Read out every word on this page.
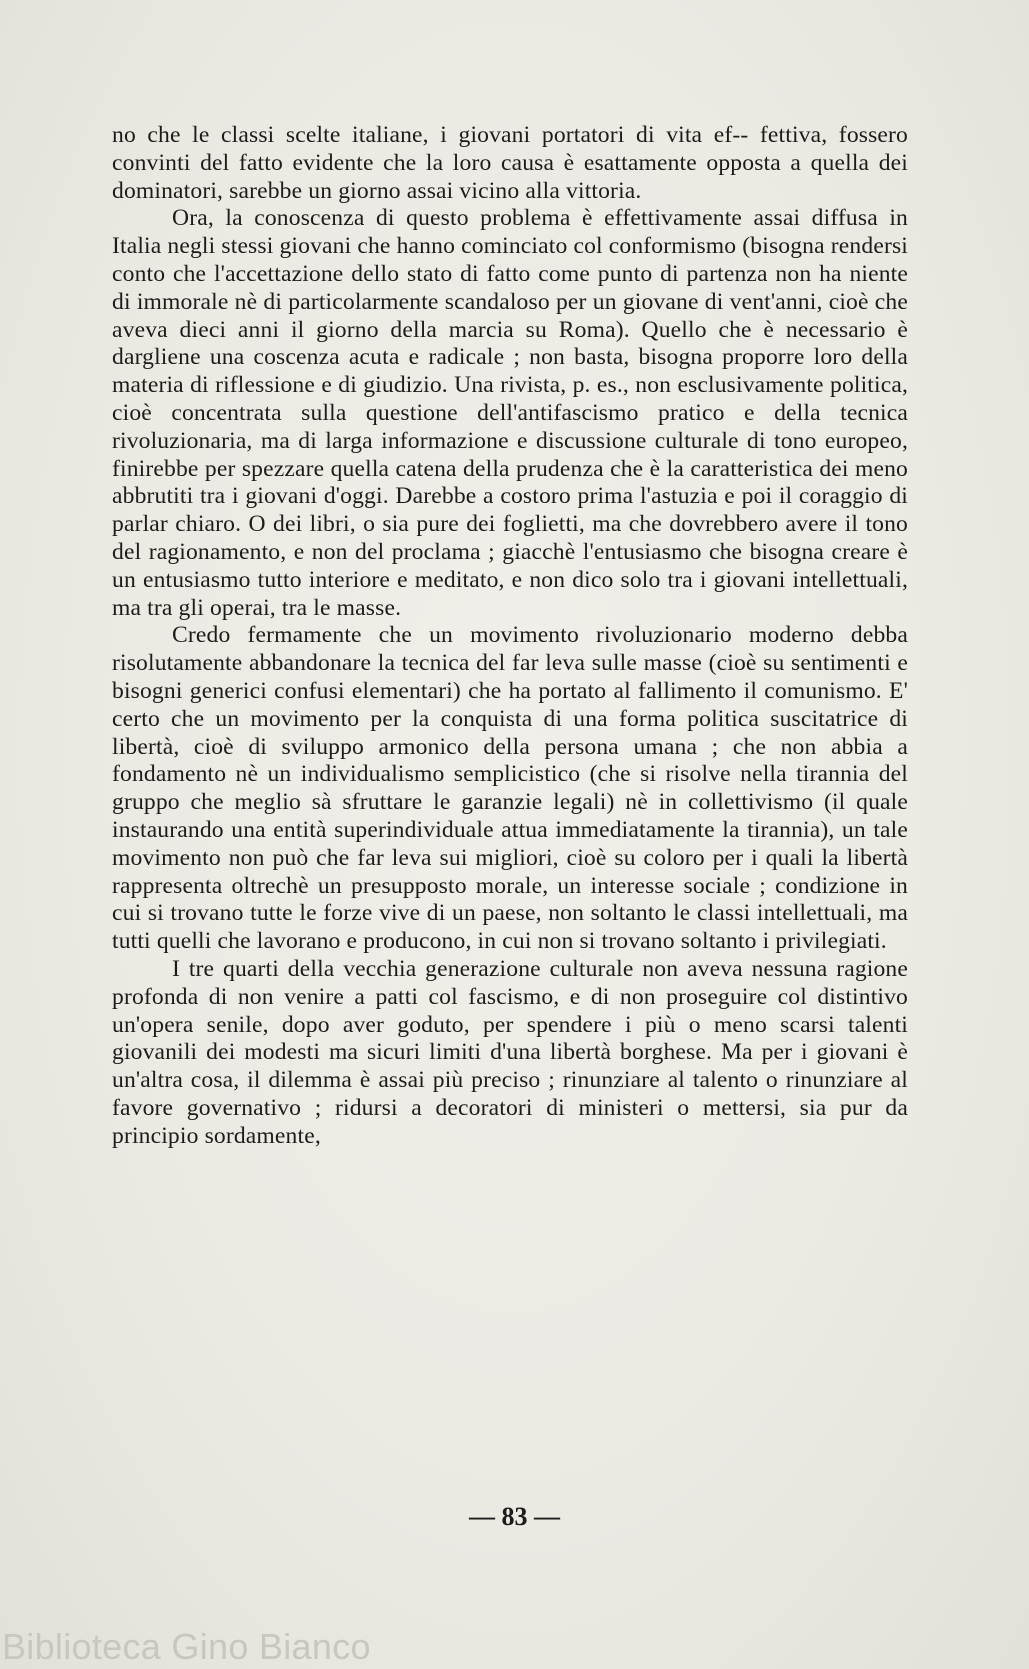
no che le classi scelte italiane, i giovani portatori di vita ef-- fettiva, fossero convinti del fatto evidente che la loro causa è esattamente opposta a quella dei dominatori, sarebbe un giorno assai vicino alla vittoria.

Ora, la conoscenza di questo problema è effettivamente assai diffusa in Italia negli stessi giovani che hanno cominciato col conformismo (bisogna rendersi conto che l'accettazione dello stato di fatto come punto di partenza non ha niente di immorale nè di particolarmente scandaloso per un giovane di vent'anni, cioè che aveva dieci anni il giorno della marcia su Roma). Quello che è necessario è dargliene una coscenza acuta e radicale ; non basta, bisogna proporre loro della materia di riflessione e di giudizio. Una rivista, p. es., non esclusivamente politica, cioè concentrata sulla questione dell'antifascismo pratico e della tecnica rivoluzionaria, ma di larga informazione e discussione culturale di tono europeo, finirebbe per spezzare quella catena della prudenza che è la caratteristica dei meno abbrutiti tra i giovani d'oggi. Darebbe a costoro prima l'astuzia e poi il coraggio di parlar chiaro. O dei libri, o sia pure dei foglietti, ma che dovrebbero avere il tono del ragionamento, e non del proclama ; giacchè l'entusiasmo che bisogna creare è un entusiasmo tutto interiore e meditato, e non dico solo tra i giovani intellettuali, ma tra gli operai, tra le masse.

Credo fermamente che un movimento rivoluzionario moderno debba risolutamente abbandonare la tecnica del far leva sulle masse (cioè su sentimenti e bisogni generici confusi elementari) che ha portato al fallimento il comunismo. E' certo che un movimento per la conquista di una forma politica suscitatrice di libertà, cioè di sviluppo armonico della persona umana ; che non abbia a fondamento nè un individualismo semplicistico (che si risolve nella tirannia del gruppo che meglio sà sfruttare le garanzie legali) nè in collettivismo (il quale instaurando una entità superindividuale attua immediatamente la tirannia), un tale movimento non può che far leva sui migliori, cioè su coloro per i quali la libertà rappresenta oltrechè un presupposto morale, un interesse sociale ; condizione in cui si trovano tutte le forze vive di un paese, non soltanto le classi intellettuali, ma tutti quelli che lavorano e producono, in cui non si trovano soltanto i privilegiati.

I tre quarti della vecchia generazione culturale non aveva nessuna ragione profonda di non venire a patti col fascismo, e di non proseguire col distintivo un'opera senile, dopo aver goduto, per spendere i più o meno scarsi talenti giovanili dei modesti ma sicuri limiti d'una libertà borghese. Ma per i giovani è un'altra cosa, il dilemma è assai più preciso ; rinunziare al talento o rinunziare al favore governativo ; ridursi a decoratori di ministeri o mettersi, sia pur da principio sordamente,

— 83 —
Biblioteca Gino Bianco
